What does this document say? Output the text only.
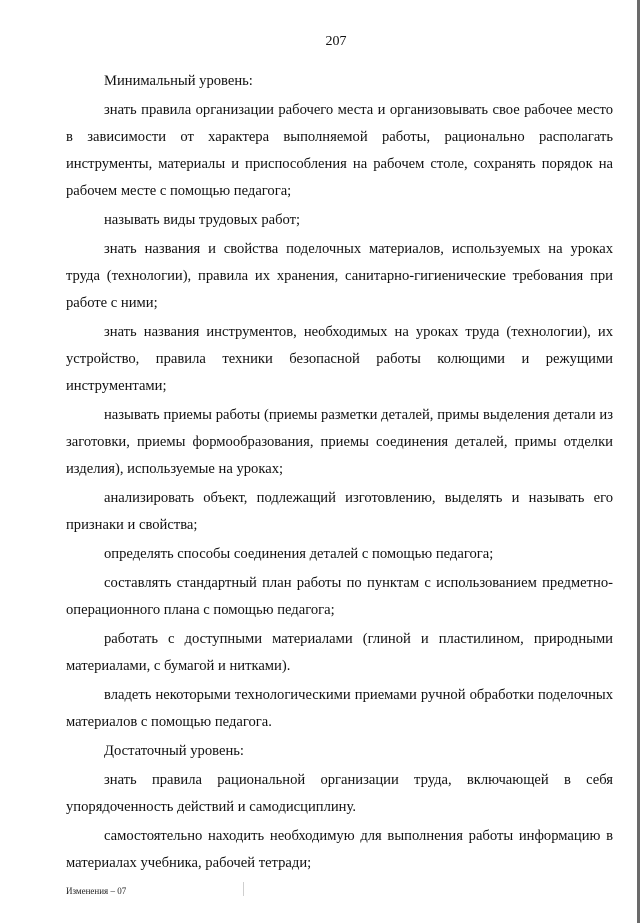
207

Минимальный уровень:

знать правила организации рабочего места и организовывать свое рабочее место в зависимости от характера выполняемой работы, рационально располагать инструменты, материалы и приспособления на рабочем столе, сохранять порядок на рабочем месте с помощью педагога;

называть виды трудовых работ;

знать названия и свойства поделочных материалов, используемых на уроках труда (технологии), правила их хранения, санитарно-гигиенические требования при работе с ними;

знать названия инструментов, необходимых на уроках труда (технологии), их устройство, правила техники безопасной работы колющими и режущими инструментами;

называть приемы работы (приемы разметки деталей, примы выделения детали из заготовки, приемы формообразования, приемы соединения деталей, примы отделки изделия), используемые на уроках;

анализировать объект, подлежащий изготовлению, выделять и называть его признаки и свойства;

определять способы соединения деталей с помощью педагога;

составлять стандартный план работы по пунктам с использованием предметно-операционного плана с помощью педагога;

работать с доступными материалами (глиной и пластилином, природными материалами, с бумагой и нитками).

владеть некоторыми технологическими приемами ручной обработки поделочных материалов с помощью педагога.

Достаточный уровень:

знать правила рациональной организации труда, включающей в себя упорядоченность действий и самодисциплину.

самостоятельно находить необходимую для выполнения работы информацию в материалах учебника, рабочей тетради;

Изменения – 07
